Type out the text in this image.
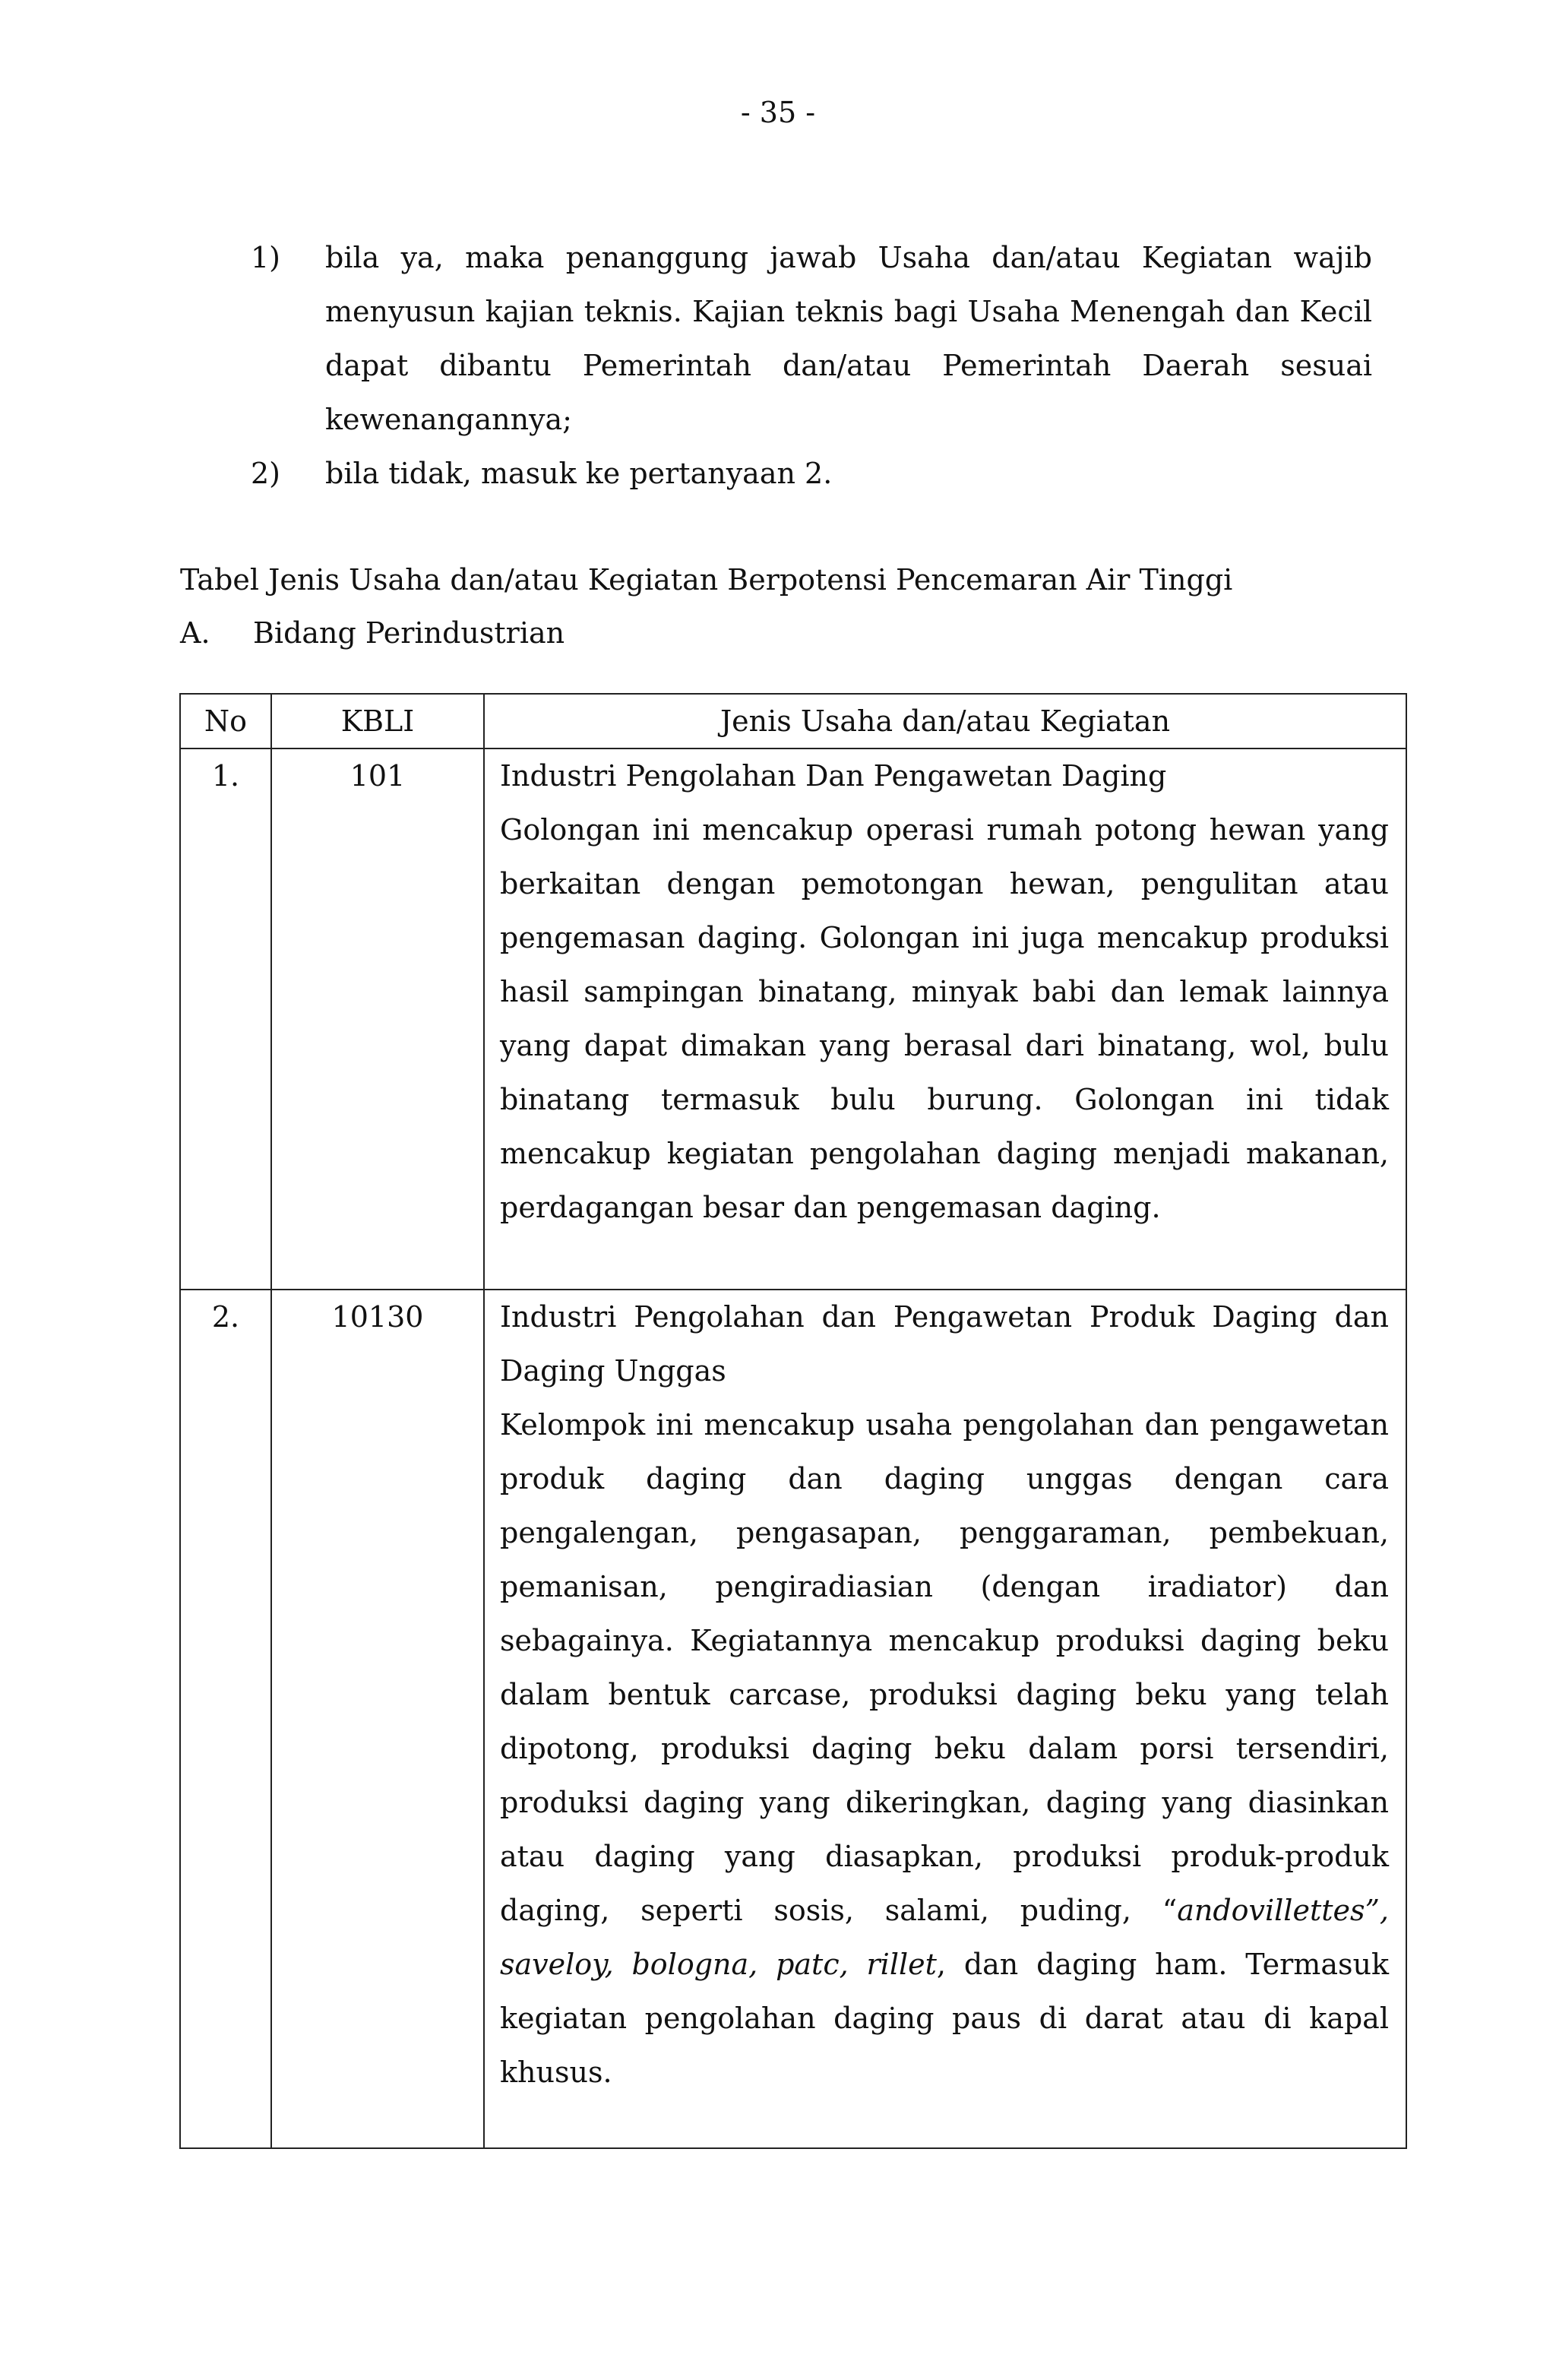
- 35 -
1)	bila ya, maka penanggung jawab Usaha dan/atau Kegiatan wajib menyusun kajian teknis. Kajian teknis bagi Usaha Menengah dan Kecil dapat dibantu Pemerintah dan/atau Pemerintah Daerah sesuai kewenangannya;
2)	bila tidak, masuk ke pertanyaan 2.
Tabel Jenis Usaha dan/atau Kegiatan Berpotensi Pencemaran Air Tinggi
A.	Bidang Perindustrian
No	KBLI	Jenis Usaha dan/atau Kegiatan
1.	101	Industri Pengolahan Dan Pengawetan Daging
Golongan ini mencakup operasi rumah potong hewan yang berkaitan dengan pemotongan hewan, pengulitan atau pengemasan daging. Golongan ini juga mencakup produksi hasil sampingan binatang, minyak babi dan lemak lainnya yang dapat dimakan yang berasal dari binatang, wol, bulu binatang termasuk bulu burung. Golongan ini tidak mencakup kegiatan pengolahan daging menjadi makanan, perdagangan besar dan pengemasan daging.

2.	10130	Industri Pengolahan dan Pengawetan Produk Daging dan Daging Unggas
Kelompok ini mencakup usaha pengolahan dan pengawetan produk daging dan daging unggas dengan cara pengalengan, pengasapan, penggaraman, pembekuan, pemanisan, pengiradiasian (dengan iradiator) dan sebagainya. Kegiatannya mencakup produksi daging beku dalam bentuk carcase, produksi daging beku yang telah dipotong, produksi daging beku dalam porsi tersendiri, produksi daging yang dikeringkan, daging yang diasinkan atau daging yang diasapkan, produksi produk-produk daging, seperti sosis, salami, puding, “andovillettes”, saveloy, bologna, patc, rillet, dan daging ham. Termasuk kegiatan pengolahan daging paus di darat atau di kapal khusus.
